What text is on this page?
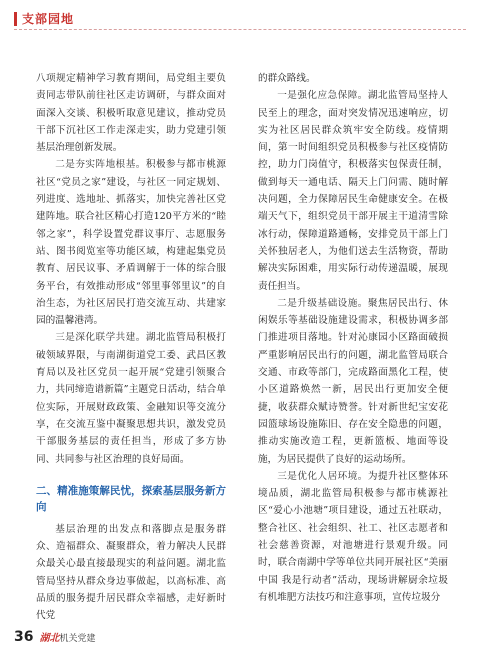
支部园地

八项规定精神学习教育期间，局党组主要负责同志带队前往社区走访调研，与群众面对面深入交谈、积极听取意见建议，推动党员干部下沉社区工作走深走实，助力党建引领基层治理创新发展。

二是夯实阵地根基。积极参与都市桃源社区“党员之家”建设，与社区一同定规划、列进度、选地址、抓落实，加快完善社区党建阵地。联合社区精心打造120平方米的“睦邻之家”，科学设置党群议事厅、志愿服务站、图书阅览室等功能区域，构建起集党员教育、居民议事、矛盾调解于一体的综合服务平台，有效推动形成“邻里事邻里议”的自治生态，为社区居民打造交流互动、共建家园的温馨港湾。

三是深化联学共建。湖北监管局积极打破领域界限，与南湖街道党工委、武昌区教育局以及社区党员一起开展“党建引领聚合力，共同缔造谱新篇”主题党日活动，结合单位实际，开展财政政策、金融知识等交流分享，在交流互鉴中凝聚思想共识，激发党员干部服务基层的责任担当，形成了多方协同、共同参与社区治理的良好局面。

二、精准施策解民忧，探索基层服务新方向

基层治理的出发点和落脚点是服务群众、造福群众、凝聚群众，着力解决人民群众最关心最直接最现实的利益问题。湖北监管局坚持从群众身边事做起，以高标准、高品质的服务提升居民群众幸福感，走好新时代党

的群众路线。

一是强化应急保障。湖北监管局坚持人民至上的理念，面对突发情况迅速响应，切实为社区居民群众筑牢安全防线。疫情期间，第一时间组织党员积极参与社区疫情防控，助力门岗值守，积极落实包保责任制，做到每天一通电话、隔天上门问需、随时解决问题，全力保障居民生命健康安全。在极端天气下，组织党员干部开展主干道清雪除冰行动，保障道路通畅，安排党员干部上门关怀独居老人，为他们送去生活物资，帮助解决实际困难，用实际行动传递温暖，展现责任担当。

二是升级基础设施。聚焦居民出行、休闲娱乐等基础设施建设需求，积极协调多部门推进项目落地。针对沁康园小区路面破损严重影响居民出行的问题，湖北监管局联合交通、市政等部门，完成路面黑化工程，使小区道路焕然一新，居民出行更加安全便捷，收获群众赋诗赞誉。针对新世纪宝安花园篮球场设施陈旧、存在安全隐患的问题，推动实施改造工程，更新篮板、地面等设施，为居民提供了良好的运动场所。

三是优化人居环境。为提升社区整体环境品质，湖北监管局积极参与都市桃源社区“爱心小池塘”项目建设，通过五社联动，整合社区、社会组织、社工、社区志愿者和社会慈善资源，对池塘进行景观升级。同时，联合南湖中学等单位共同开展社区“美丽中国 我是行动者”活动，现场讲解厨余垃圾有机堆肥方法技巧和注意事项，宣传垃圾分

36 湖北机关党建
